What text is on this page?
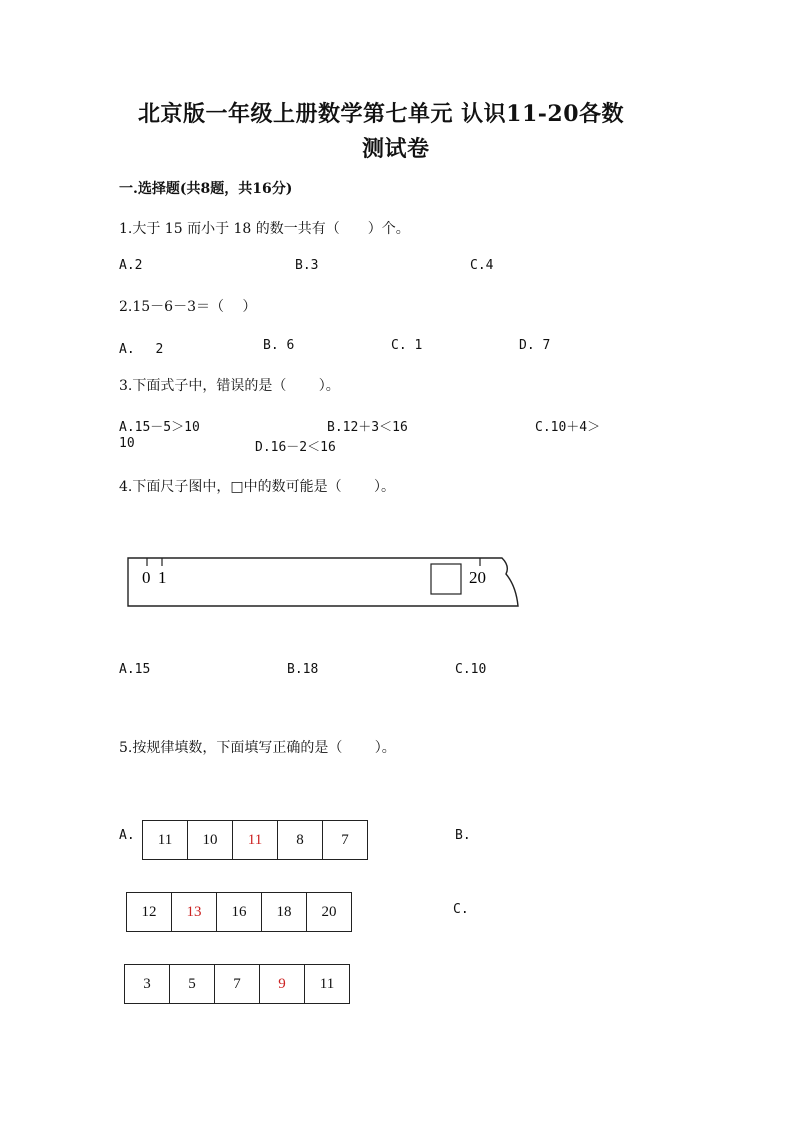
北京版一年级上册数学第七单元 认识11-20各数
测试卷
一.选择题(共8题，共16分)
1.大于 15 而小于 18 的数一共有（　　）个。
A.2	B.3	C.4
2.15－6－3＝（　 ）
A.　 2	B. 6	C. 1	D. 7
3.下面式子中，错误的是（　　 ）。
A.15－5＞10	B.12＋3＜16	C.10＋4＞
10	D.16－2＜16
4.下面尺子图中，□中的数可能是（　　 ）。
0 1	20
A.15	B.18	C.10
5.按规律填数，下面填写正确的是（　　 ）。
A.	11	10	11	8	7	B.
12	13	16	18	20	C.
3	5	7	9	11
